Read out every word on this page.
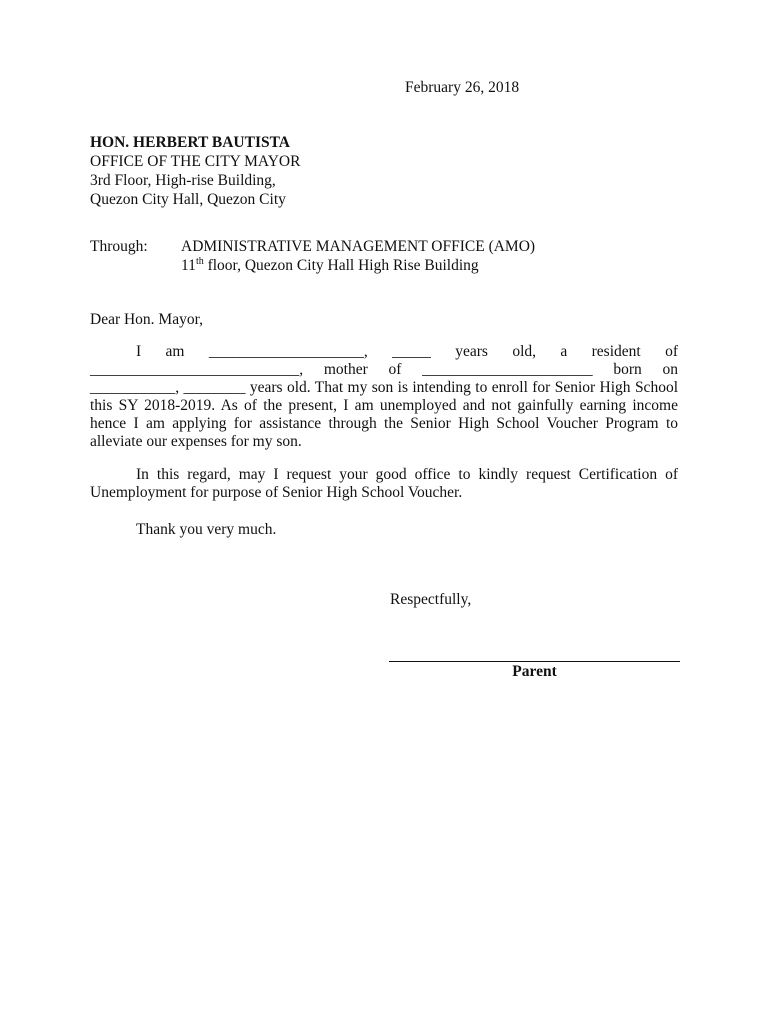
February 26, 2018
HON. HERBERT BAUTISTA
OFFICE OF THE CITY MAYOR
3rd Floor, High-rise Building,
Quezon City Hall, Quezon City
Through: ADMINISTRATIVE MANAGEMENT OFFICE (AMO)
11th floor, Quezon City Hall High Rise Building
Dear Hon. Mayor,
I am ____________________, _____ years old, a resident of ___________________________, mother of ______________________ born on ___________, ________ years old. That my son is intending to enroll for Senior High School this SY 2018-2019. As of the present, I am unemployed and not gainfully earning income hence I am applying for assistance through the Senior High School Voucher Program to alleviate our expenses for my son.
In this regard, may I request your good office to kindly request Certification of Unemployment for purpose of Senior High School Voucher.
Thank you very much.
Respectfully,
Parent
